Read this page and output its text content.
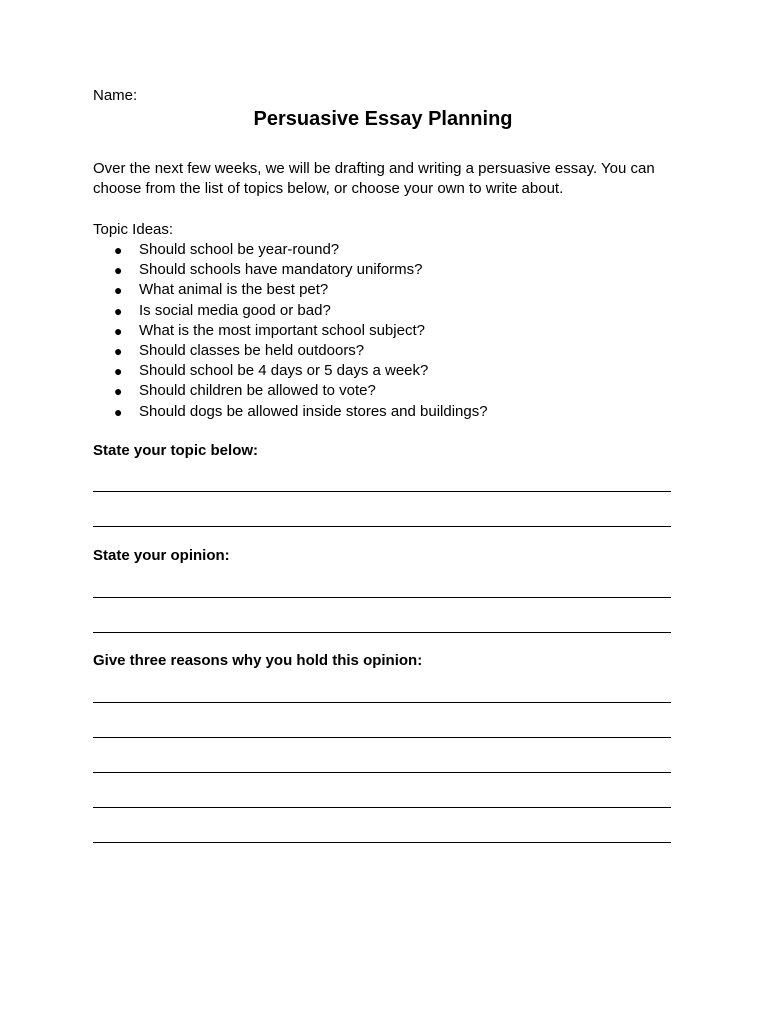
Name:
Persuasive Essay Planning
Over the next few weeks, we will be drafting and writing a persuasive essay. You can choose from the list of topics below, or choose your own to write about.
Topic Ideas:
● Should school be year-round?
● Should schools have mandatory uniforms?
● What animal is the best pet?
● Is social media good or bad?
● What is the most important school subject?
● Should classes be held outdoors?
● Should school be 4 days or 5 days a week?
● Should children be allowed to vote?
● Should dogs be allowed inside stores and buildings?
State your topic below:
State your opinion:
Give three reasons why you hold this opinion:
